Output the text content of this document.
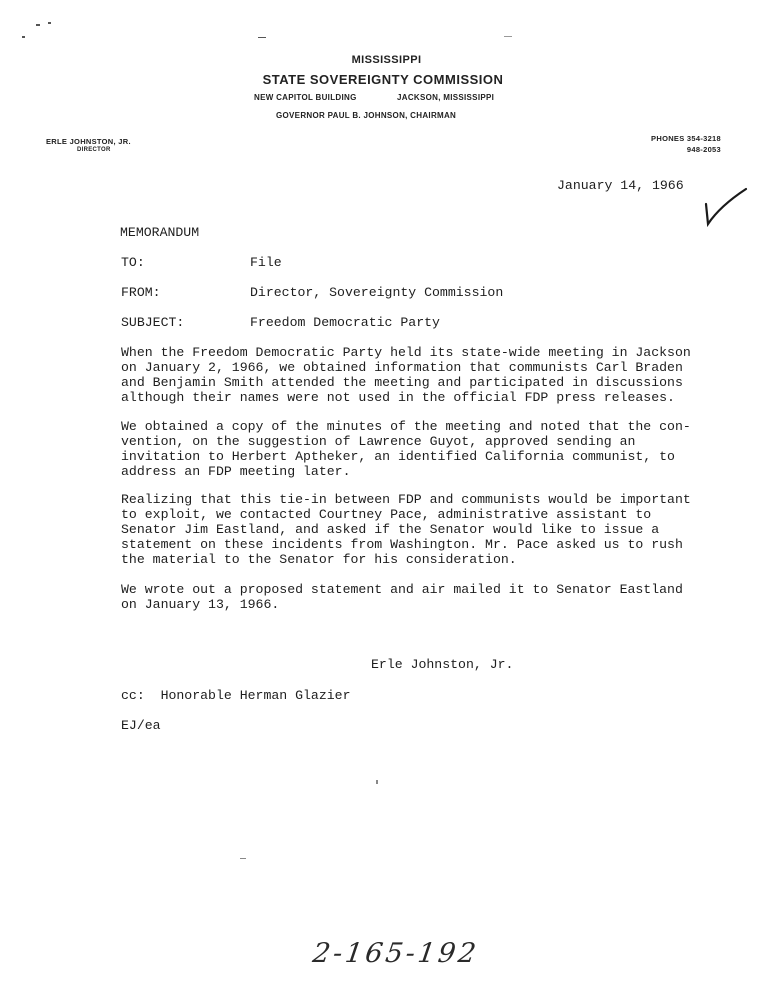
MISSISSIPPI
STATE SOVEREIGNTY COMMISSION
NEW CAPITOL BUILDING	JACKSON, MISSISSIPPI
GOVERNOR PAUL B. JOHNSON, CHAIRMAN
ERLE JOHNSTON, JR.
DIRECTOR
PHONES 354-3218
948-2053
January 14, 1966
MEMORANDUM
TO:	File
FROM:	Director, Sovereignty Commission
SUBJECT:	Freedom Democratic Party
When the Freedom Democratic Party held its state-wide meeting in Jackson
on January 2, 1966, we obtained information that communists Carl Braden
and Benjamin Smith attended the meeting and participated in discussions
although their names were not used in the official FDP press releases.
We obtained a copy of the minutes of the meeting and noted that the con-
vention, on the suggestion of Lawrence Guyot, approved sending an
invitation to Herbert Aptheker, an identified California communist, to
address an FDP meeting later.
Realizing that this tie-in between FDP and communists would be important
to exploit, we contacted Courtney Pace, administrative assistant to
Senator Jim Eastland, and asked if the Senator would like to issue a
statement on these incidents from Washington. Mr. Pace asked us to rush
the material to the Senator for his consideration.
We wrote out a proposed statement and air mailed it to Senator Eastland
on January 13, 1966.
Erle Johnston, Jr.
cc:  Honorable Herman Glazier
EJ/ea
2-165-192
